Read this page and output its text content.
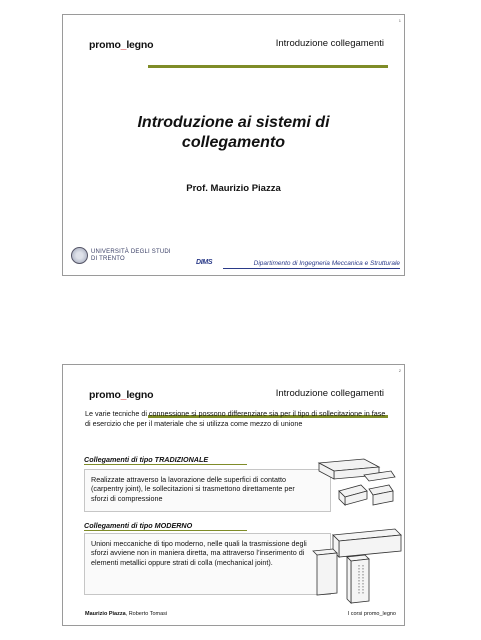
1
promo_legno	Introduzione collegamenti
Introduzione ai sistemi di
collegamento
Prof. Maurizio Piazza
UNIVERSITÀ DEGLI STUDI
DI TRENTO	DIMS	Dipartimento di Ingegneria Meccanica e Strutturale
2
promo_legno	Introduzione collegamenti
Le varie tecniche di connessione si possono differenziare sia per il tipo di sollecitazione in fase di esercizio che per il materiale che si utilizza come mezzo di unione
Collegamenti di tipo TRADIZIONALE
Realizzate attraverso la lavorazione delle superfici di contatto (carpentry joint), le sollecitazioni si trasmettono direttamente per sforzi di compressione
Collegamenti di tipo MODERNO
Unioni meccaniche di tipo moderno, nelle quali la trasmissione degli sforzi avviene non in maniera diretta, ma attraverso l’inserimento di elementi metallici oppure strati di colla (mechanical joint).
Maurizio Piazza, Roberto Tomasi	I corsi promo_legno
